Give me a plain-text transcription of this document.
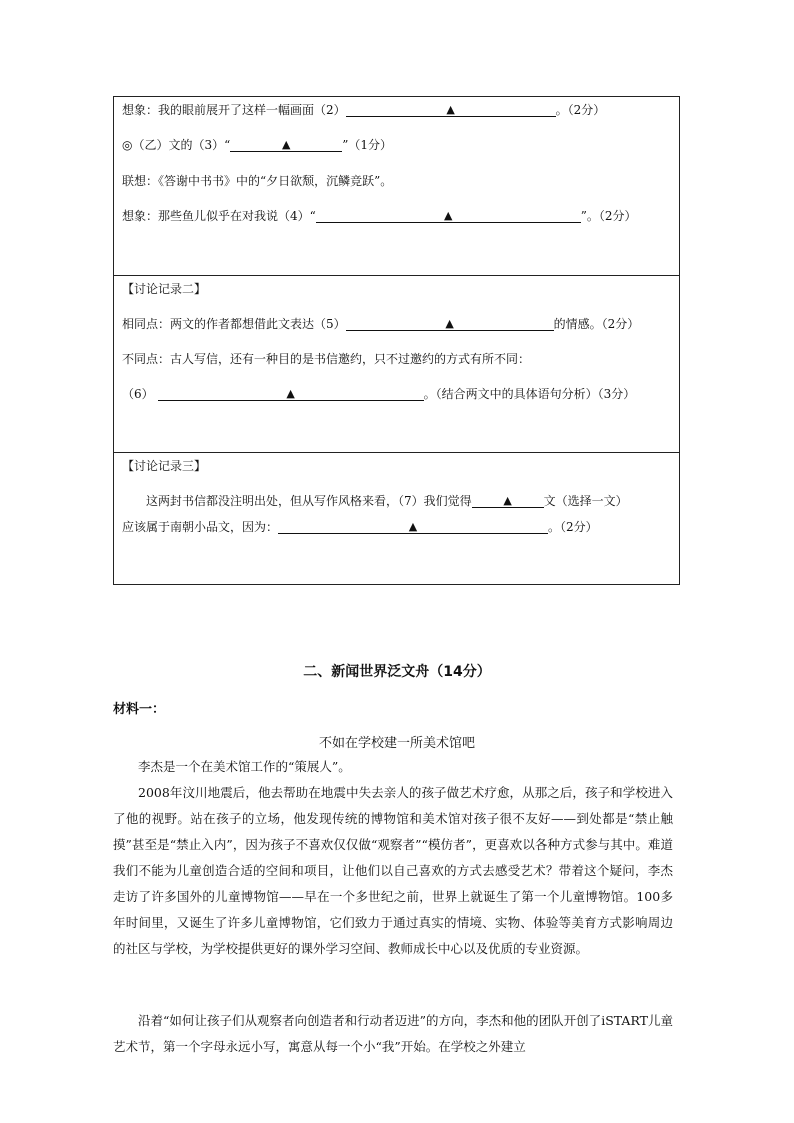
想象：我的眼前展开了这样一幅画面（2）	▲	。（2分）
◎（乙）文的（3）“	▲	”（1分）
联想：《答谢中书书》中的“夕日欲颓，沉鳞竞跃”。
想象：那些鱼儿似乎在对我说（4）“	▲	”。（2分）
【讨论记录二】
相同点：两文的作者都想借此文表达（5）	▲	的情感。（2分）
不同点：古人写信，还有一种目的是书信邀约，只不过邀约的方式有所不同：
（6）	▲	。（结合两文中的具体语句分析）（3分）
【讨论记录三】
这两封书信都没注明出处，但从写作风格来看，（7）我们觉得	▲	文（选择一文）
应该属于南朝小品文，因为：	▲	。（2分）
二、新闻世界泛文舟（14分）
材料一：
不如在学校建一所美术馆吧
李杰是一个在美术馆工作的“策展人”。
2008年汶川地震后，他去帮助在地震中失去亲人的孩子做艺术疗愈，从那之后，孩子和学校进入了他的视野。站在孩子的立场，他发现传统的博物馆和美术馆对孩子很不友好——到处都是“禁止触摸”甚至是“禁止入内”，因为孩子不喜欢仅仅做“观察者”“模仿者”，更喜欢以各种方式参与其中。难道我们不能为儿童创造合适的空间和项目，让他们以自己喜欢的方式去感受艺术？带着这个疑问，李杰走访了许多国外的儿童博物馆——早在一个多世纪之前，世界上就诞生了第一个儿童博物馆。100多年时间里，又诞生了许多儿童博物馆，它们致力于通过真实的情境、实物、体验等美育方式影响周边的社区与学校，为学校提供更好的课外学习空间、教师成长中心以及优质的专业资源。
沿着“如何让孩子们从观察者向创造者和行动者迈进”的方向，李杰和他的团队开创了iSTART儿童艺术节，第一个字母永远小写，寓意从每一个小“我”开始。在学校之外建立
